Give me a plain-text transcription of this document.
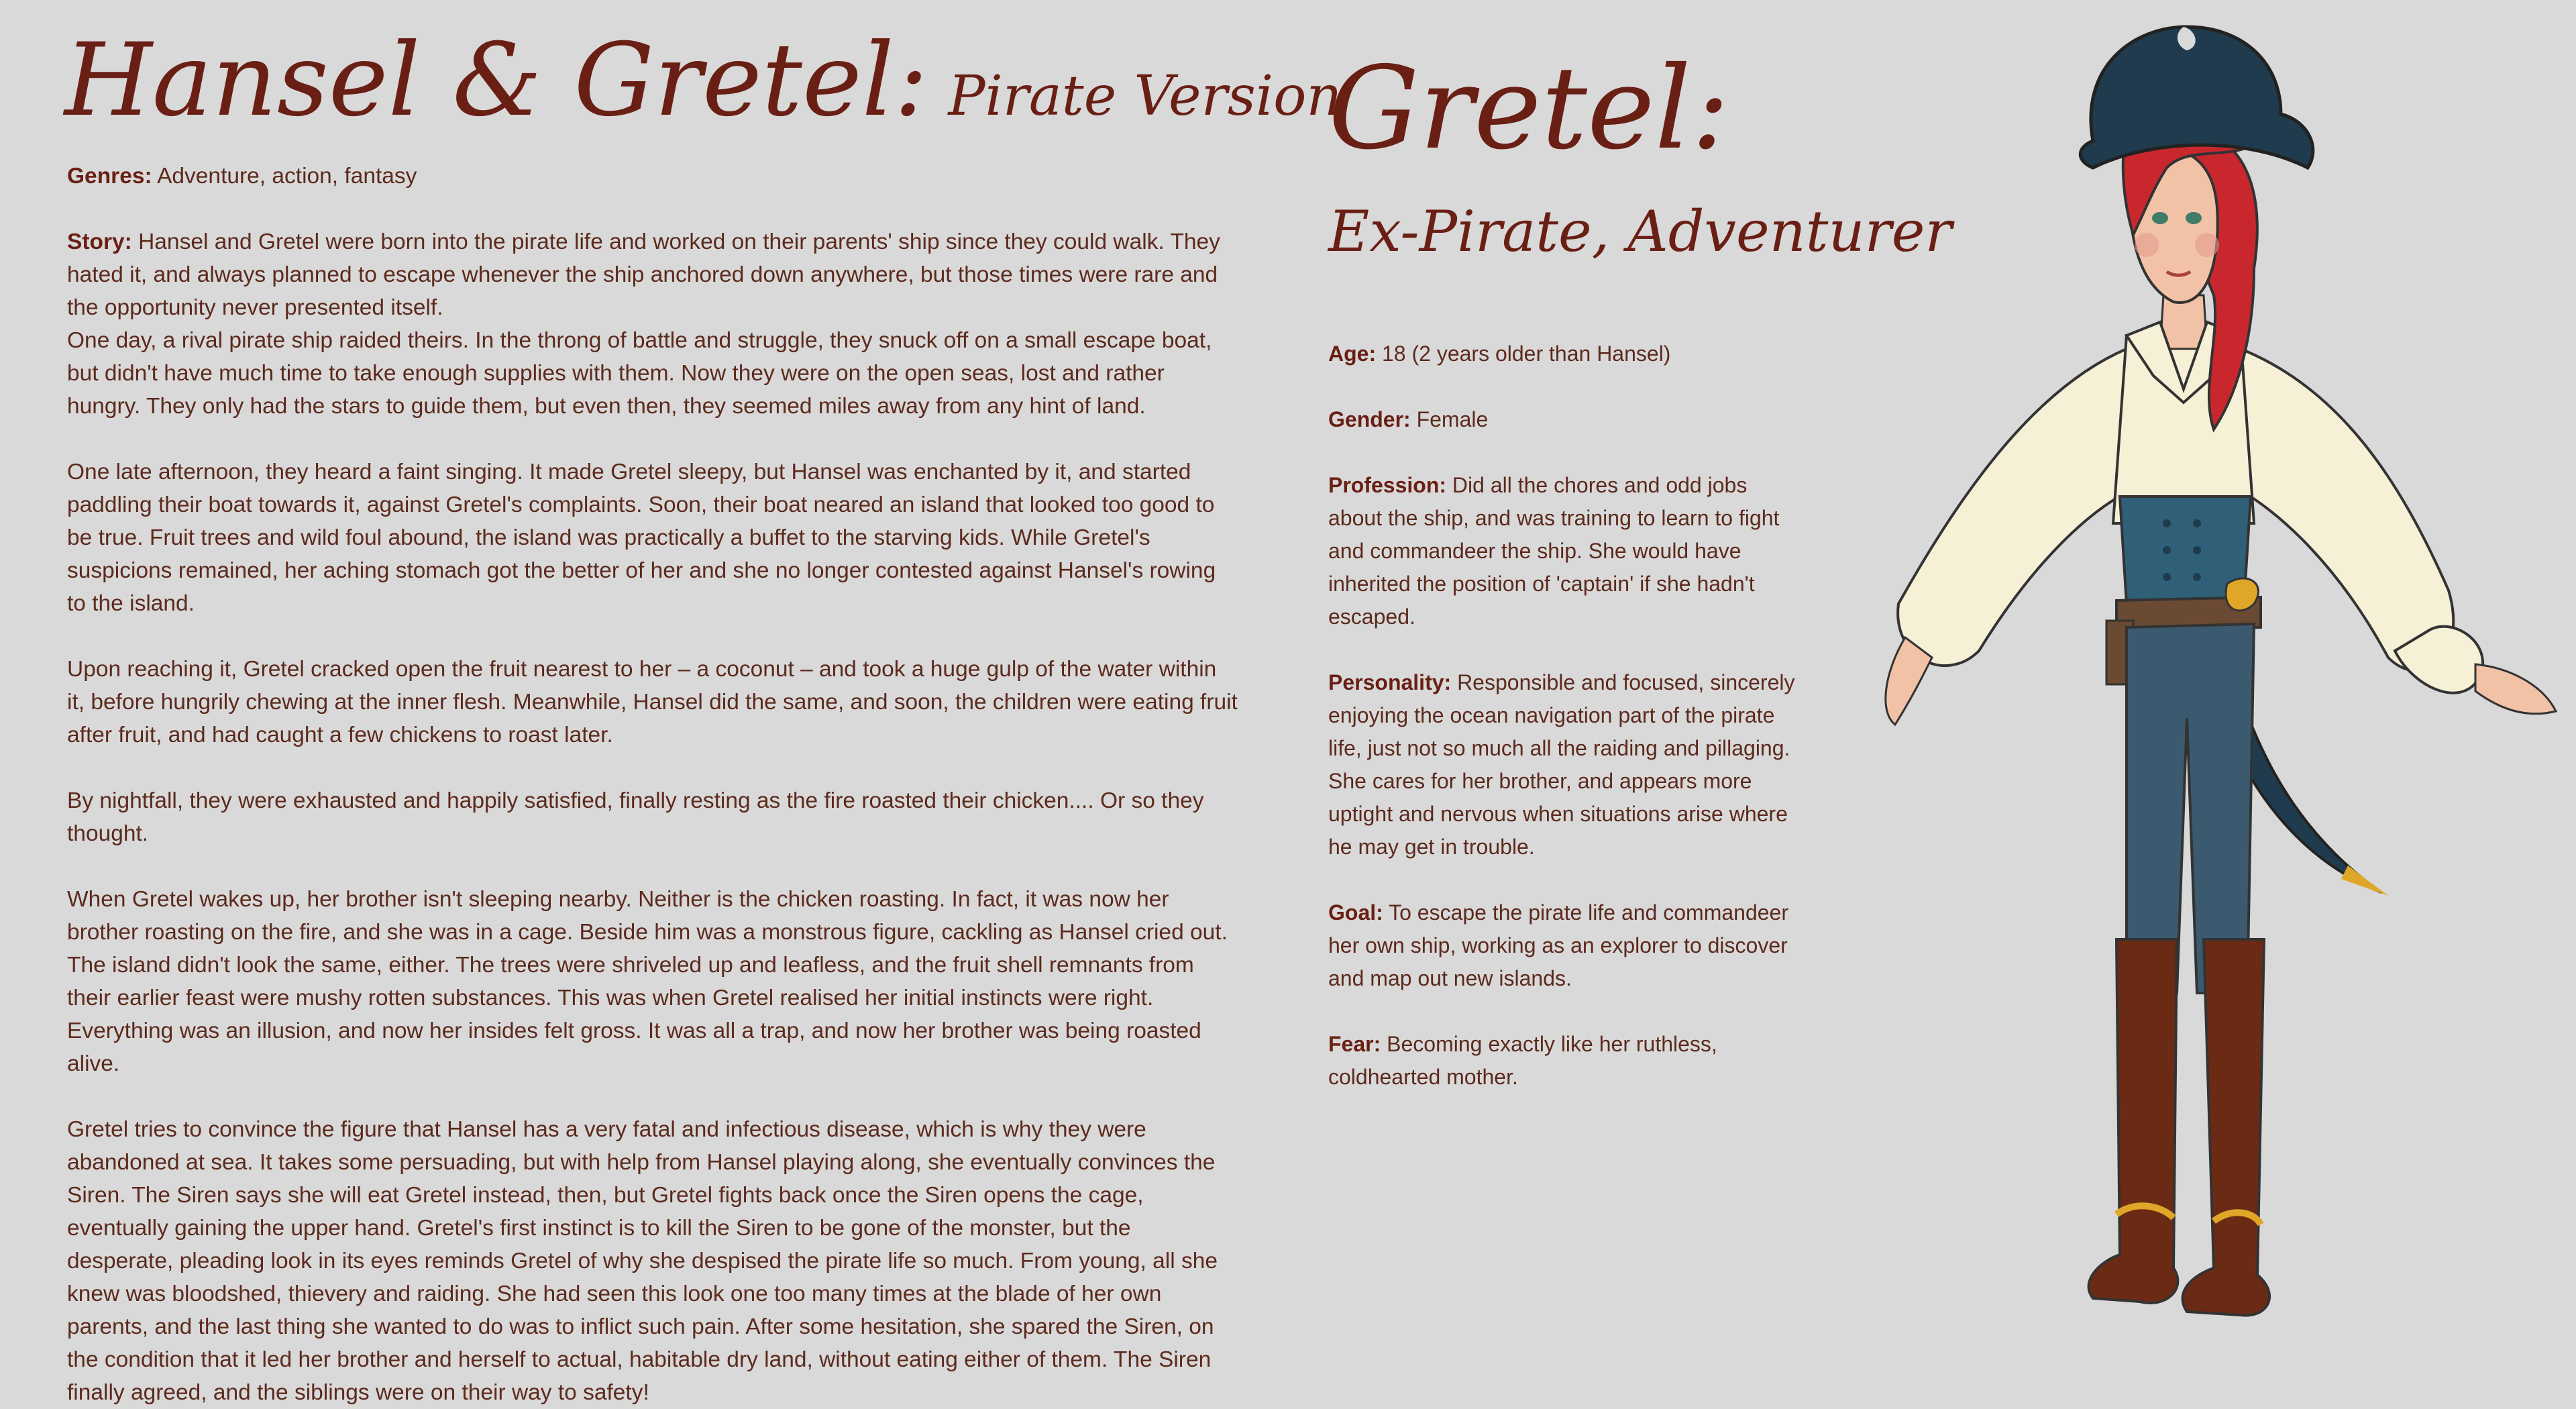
Hansel & Gretel: Pirate Version

Genres: Adventure, action, fantasy

Story: Hansel and Gretel were born into the pirate life and worked on their parents' ship since they could walk. They hated it, and always planned to escape whenever the ship anchored down anywhere, but those times were rare and the opportunity never presented itself.

One day, a rival pirate ship raided theirs. In the throng of battle and struggle, they snuck off on a small escape boat, but didn't have much time to take enough supplies with them. Now they were on the open seas, lost and rather hungry. They only had the stars to guide them, but even then, they seemed miles away from any hint of land.

One late afternoon, they heard a faint singing. It made Gretel sleepy, but Hansel was enchanted by it, and started paddling their boat towards it, against Gretel's complaints. Soon, their boat neared an island that looked too good to be true. Fruit trees and wild foul abound, the island was practically a buffet to the starving kids. While Gretel's suspicions remained, her aching stomach got the better of her and she no longer contested against Hansel's rowing to the island.

Upon reaching it, Gretel cracked open the fruit nearest to her – a coconut – and took a huge gulp of the water within it, before hungrily chewing at the inner flesh. Meanwhile, Hansel did the same, and soon, the children were eating fruit after fruit, and had caught a few chickens to roast later.

By nightfall, they were exhausted and happily satisfied, finally resting as the fire roasted their chicken.... Or so they thought.

When Gretel wakes up, her brother isn't sleeping nearby. Neither is the chicken roasting. In fact, it was now her brother roasting on the fire, and she was in a cage. Beside him was a monstrous figure, cackling as Hansel cried out. The island didn't look the same, either. The trees were shriveled up and leafless, and the fruit shell remnants from their earlier feast were mushy rotten substances. This was when Gretel realised her initial instincts were right. Everything was an illusion, and now her insides felt gross. It was all a trap, and now her brother was being roasted alive.

Gretel tries to convince the figure that Hansel has a very fatal and infectious disease, which is why they were abandoned at sea. It takes some persuading, but with help from Hansel playing along, she eventually convinces the Siren. The Siren says she will eat Gretel instead, then, but Gretel fights back once the Siren opens the cage, eventually gaining the upper hand. Gretel's first instinct is to kill the Siren to be gone of the monster, but the desperate, pleading look in its eyes reminds Gretel of why she despised the pirate life so much. From young, all she knew was bloodshed, thievery and raiding. She had seen this look one too many times at the blade of her own parents, and the last thing she wanted to do was to inflict such pain. After some hesitation, she spared the Siren, on the condition that it led her brother and herself to actual, habitable dry land, without eating either of them. The Siren finally agreed, and the siblings were on their way to safety!

Gretel:
Ex-Pirate, Adventurer

Age: 18 (2 years older than Hansel)

Gender: Female

Profession: Did all the chores and odd jobs about the ship, and was training to learn to fight and commandeer the ship. She would have inherited the position of 'captain' if she hadn't escaped.

Personality: Responsible and focused, sincerely enjoying the ocean navigation part of the pirate life, just not so much all the raiding and pillaging. She cares for her brother, and appears more uptight and nervous when situations arise where he may get in trouble.

Goal: To escape the pirate life and commandeer her own ship, working as an explorer to discover and map out new islands.

Fear: Becoming exactly like her ruthless, coldhearted mother.
